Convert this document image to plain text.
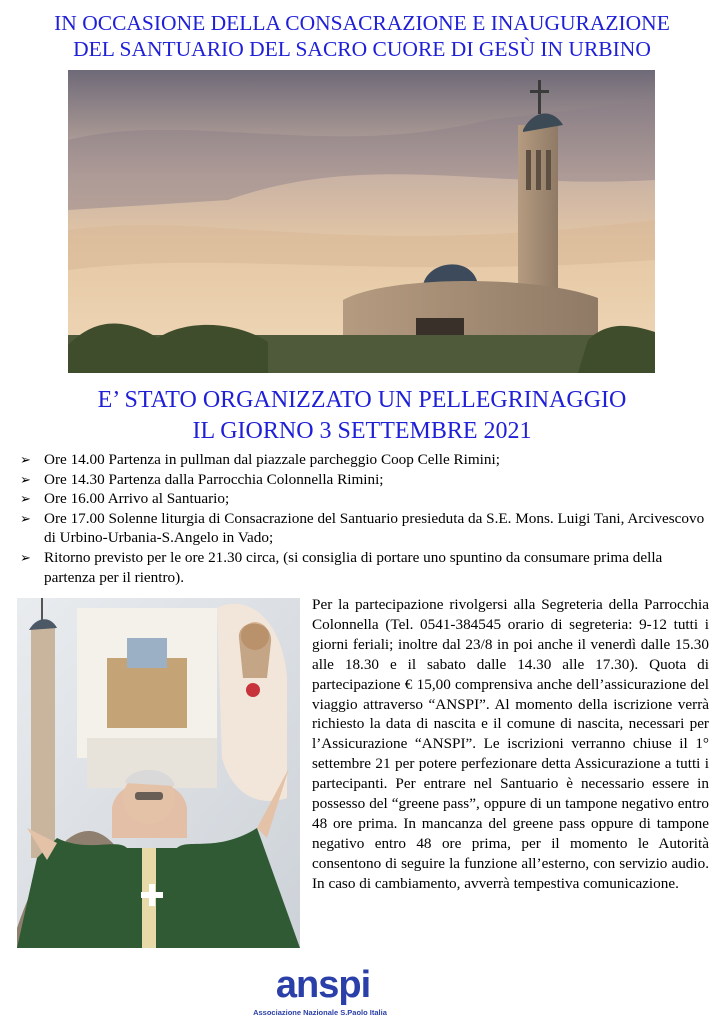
IN OCCASIONE DELLA CONSACRAZIONE E INAUGURAZIONE
DEL SANTUARIO DEL SACRO CUORE DI GESÙ IN URBINO
E’ STATO ORGANIZZATO UN PELLEGRINAGGIO
IL GIORNO 3 SETTEMBRE 2021
➢ Ore 14.00 Partenza in pullman dal piazzale parcheggio Coop Celle Rimini;
➢ Ore 14.30 Partenza dalla Parrocchia Colonnella Rimini;
➢ Ore 16.00 Arrivo al Santuario;
➢ Ore 17.00 Solenne liturgia di Consacrazione del Santuario presieduta da S.E. Mons. Luigi Tani, Arcivescovo di Urbino-Urbania-S.Angelo in Vado;
➢ Ritorno previsto per le ore 21.30 circa, (si consiglia di portare uno spuntino da consumare prima della partenza per il rientro).

Per la partecipazione rivolgersi alla Segreteria della Parrocchia Colonnella (Tel. 0541-384545 orario di segreteria: 9-12 tutti i giorni feriali; inoltre dal 23/8 in poi anche il venerdì dalle 15.30 alle 18.30 e il sabato dalle 14.30 alle 17.30). Quota di partecipazione € 15,00 comprensiva anche dell’assicurazione del viaggio attraverso “ANSPI”. Al momento della iscrizione verrà richiesto la data di nascita e il comune di nascita, necessari per l’Assicurazione “ANSPI”. Le iscrizioni verranno chiuse il 1° settembre 21 per potere perfezionare detta Assicurazione a tutti i partecipanti. Per entrare nel Santuario è necessario essere in possesso del “greene pass”, oppure di un tampone negativo entro 48 ore prima. In mancanza del greene pass oppure di tampone negativo entro 48 ore prima, per il momento le Autorità consentono di seguire la funzione all’esterno, con servizio audio. In caso di cambiamento, avverrà tempestiva comunicazione.

anspi
Associazione Nazionale S.Paolo Italia
